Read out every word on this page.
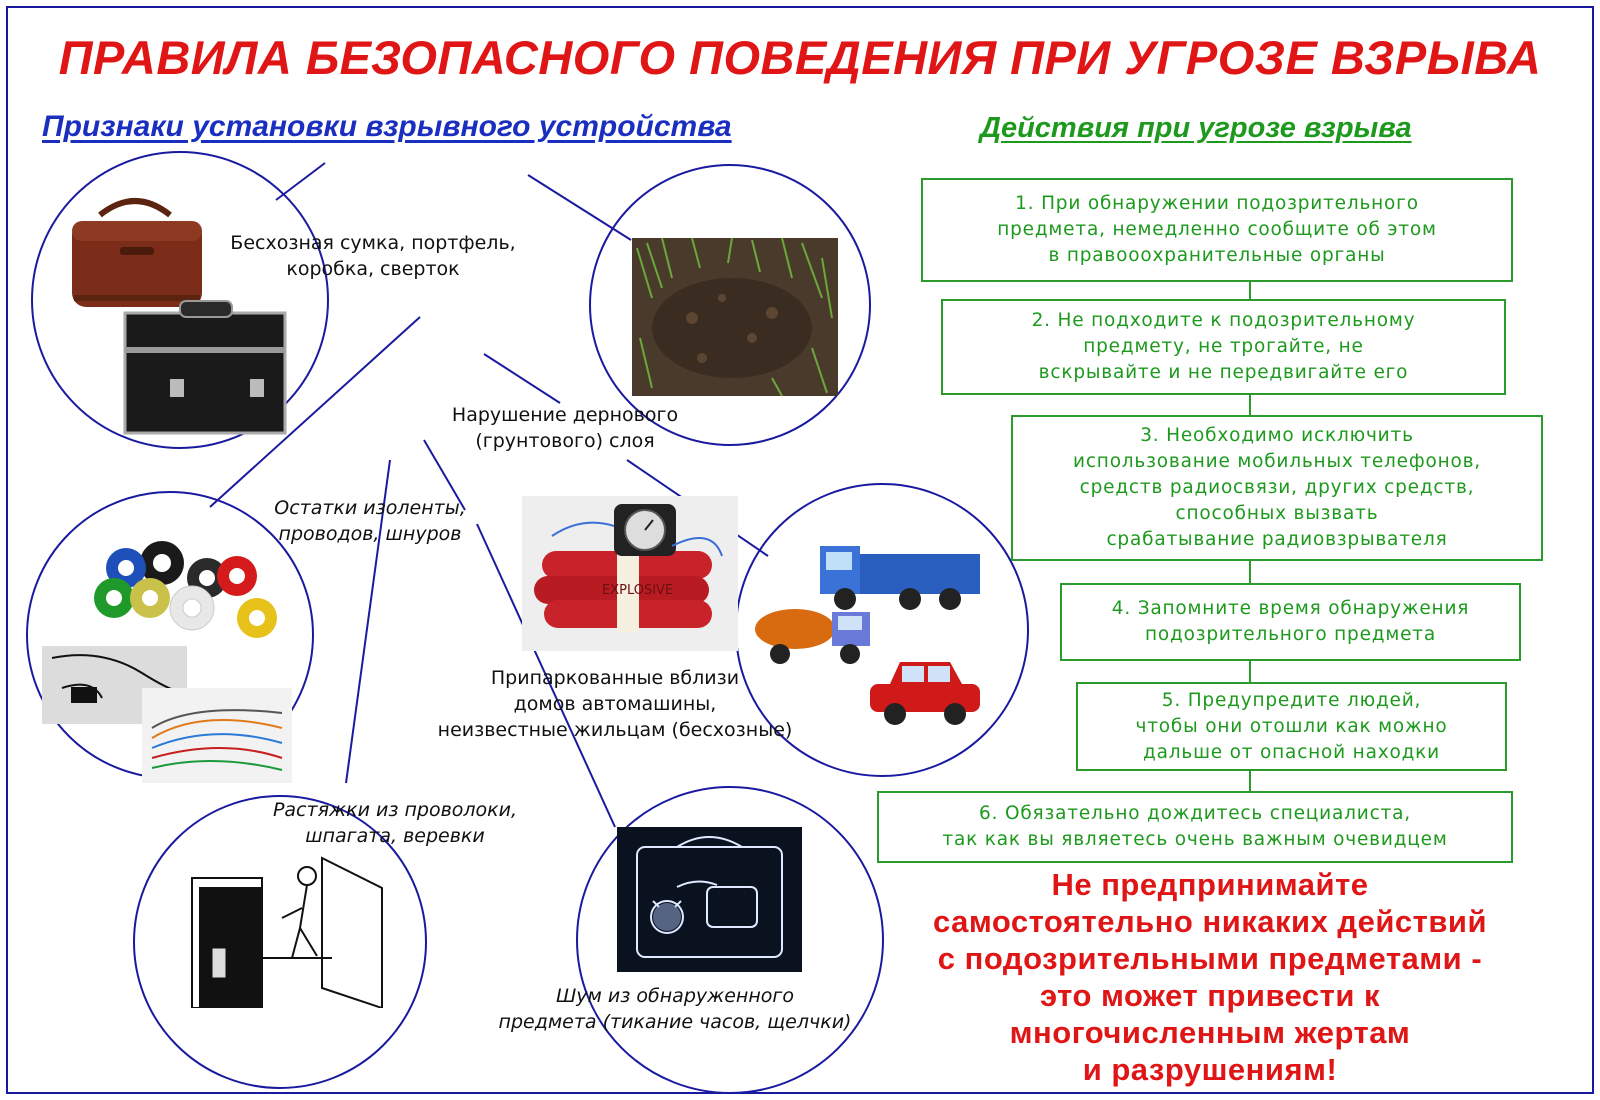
ПРАВИЛА БЕЗОПАСНОГО ПОВЕДЕНИЯ ПРИ УГРОЗЕ ВЗРЫВА
Признаки установки взрывного устройства	Действия при угрозе взрыва
EXPLOSIVE
Бесхозная сумка, портфель,
коробка, сверток
Нарушение дернового
(грунтового) слоя
Остатки изоленты,
проводов, шнуров
Припаркованные вблизи
домов автомашины,
неизвестные жильцам (бесхозные)
Растяжки из проволоки,
шпагата, веревки
Шум из обнаруженного
предмета (тикание часов, щелчки)
1. При обнаружении подозрительного
предмета, немедленно сообщите об этом
в правооохранительные органы
2. Не подходите к подозрительному
предмету, не трогайте, не
вскрывайте и не передвигайте его
3. Необходимо исключить
использование мобильных телефонов,
средств радиосвязи, других средств,
способных вызвать
срабатывание радиовзрывателя
4. Запомните время обнаружения
подозрительного предмета
5. Предупредите людей,
чтобы они отошли как можно
дальше от опасной находки
6. Обязательно дождитесь специалиста,
так как вы являетесь очень важным очевидцем
Не предпринимайте
самостоятельно никаких действий
с подозрительными предметами -
это может привести к
многочисленным жертам
и разрушениям!
